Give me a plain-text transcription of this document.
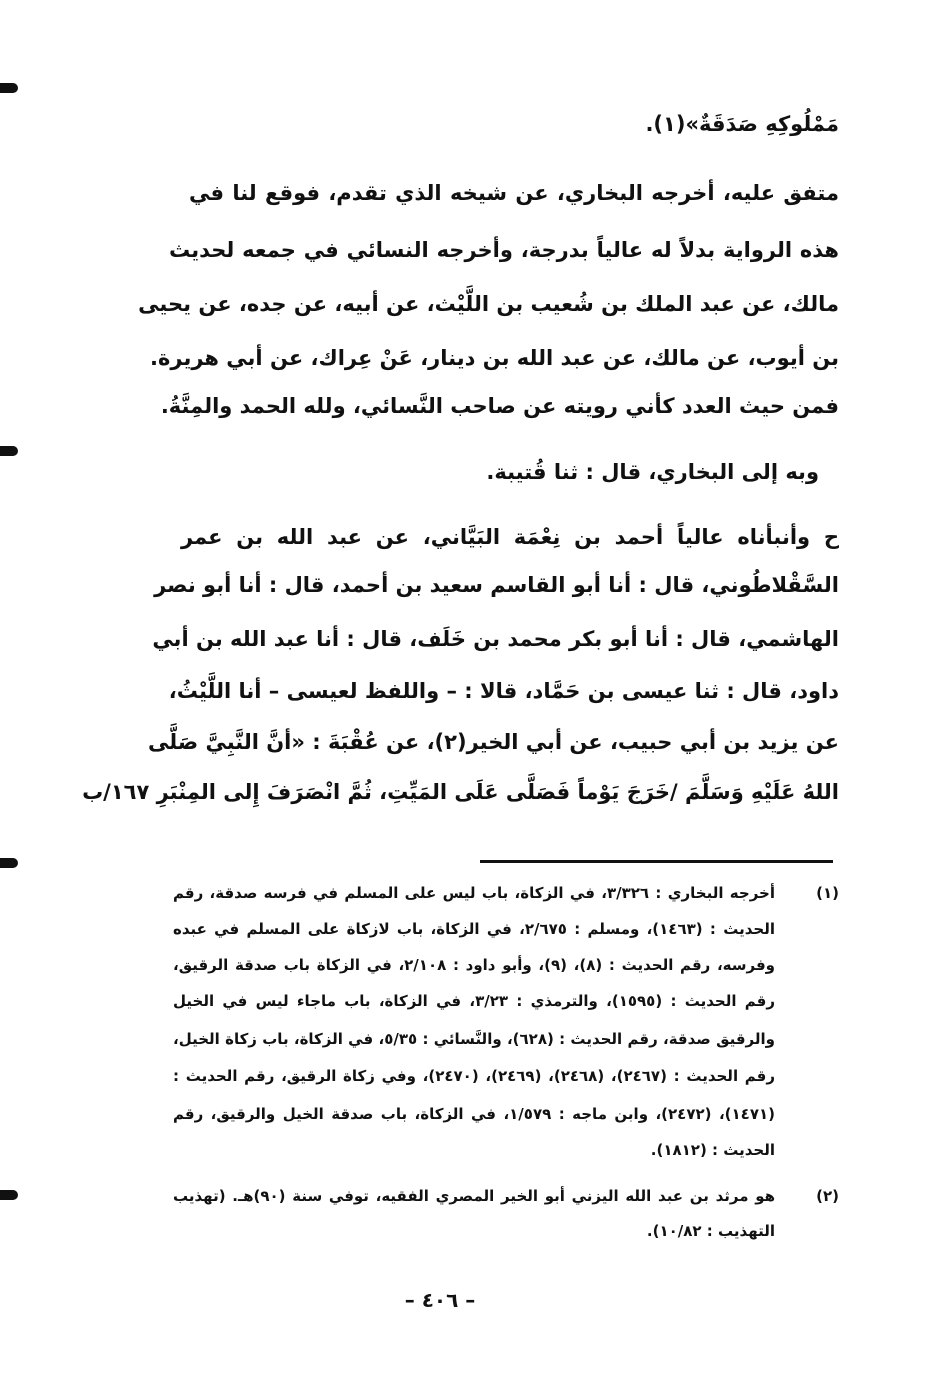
مَمْلُوكِهِ صَدَقَةٌ»(١).
متفق عليه، أخرجه البخاري، عن شيخه الذي تقدم، فوقع لنا في
هذه الرواية بدلاً له عالياً بدرجة، وأخرجه النسائي في جمعه لحديث
مالك، عن عبد الملك بن شُعيب بن اللَّيْث، عن أبيه، عن جده، عن يحيى
بن أيوب، عن مالك، عن عبد الله بن دينار، عَنْ عِراك، عن أبي هريرة.
فمن حيث العدد كأني رويته عن صاحب النَّسائي، ولله الحمد والمِنَّةُ.
وبه إلى البخاري، قال : ثنا قُتيبة.
ح وأنبأناه عالياً أحمد بن نِعْمَة البَيَّاني، عن عبد الله بن عمر
السَّقْلاطُوني، قال : أنا أبو القاسم سعيد بن أحمد، قال : أنا أبو نصر
الهاشمي، قال : أنا أبو بكر محمد بن خَلَف، قال : أنا عبد الله بن أبي
داود، قال : ثنا عيسى بن حَمَّاد، قالا : – واللفظ لعيسى – أنا اللَّيْثُ،
عن يزيد بن أبي حبيب، عن أبي الخير(٢)، عن عُقْبَةَ : «أنَّ النَّبِيَّ صَلَّى
اللهُ عَلَيْهِ وَسَلَّمَ /خَرَجَ يَوْماً فَصَلَّى عَلَى المَيِّتِ، ثُمَّ انْصَرَفَ إِلى المِنْبَرِ ١٦٧/ب
(١)
أخرجه البخاري : ٣/٣٢٦، في الزكاة، باب ليس على المسلم في فرسه صدقة، رقم
الحديث : (١٤٦٣)، ومسلم : ٢/٦٧٥، في الزكاة، باب لازكاة على المسلم في عبده
وفرسه، رقم الحديث : (٨)، (٩)، وأبو داود : ٢/١٠٨، في الزكاة باب صدقة الرقيق،
رقم الحديث : (١٥٩٥)، والترمذي : ٣/٢٣، في الزكاة، باب ماجاء ليس في الخيل
والرقيق صدقة، رقم الحديث : (٦٢٨)، والنَّسائي : ٥/٣٥، في الزكاة، باب زكاة الخيل،
رقم الحديث : (٢٤٦٧)، (٢٤٦٨)، (٢٤٦٩)، (٢٤٧٠)، وفي زكاة الرقيق، رقم الحديث :
(١٤٧١)، (٢٤٧٢)، وابن ماجه : ١/٥٧٩، في الزكاة، باب صدقة الخيل والرقيق، رقم
الحديث : (١٨١٢).
(٢)
هو مرثد بن عبد الله اليزني أبو الخير المصري الفقيه، توفي سنة (٩٠)هـ. (تهذيب
التهذيب : ١٠/٨٢).
– ٤٠٦ –
